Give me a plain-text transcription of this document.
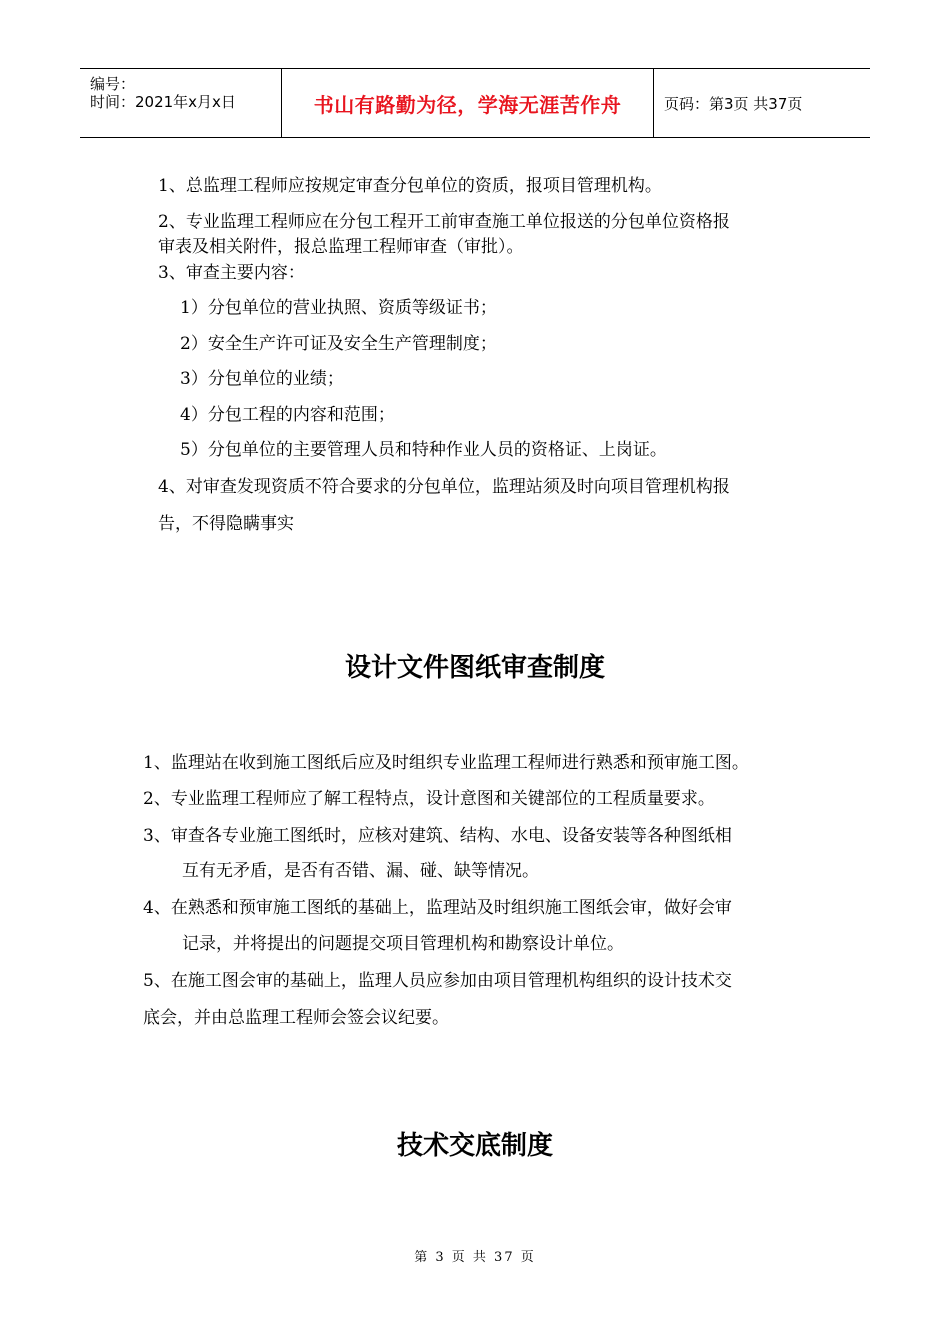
编号：
时间：2021年x月x日	书山有路勤为径，学海无涯苦作舟	页码：第3页 共37页
1、总监理工程师应按规定审查分包单位的资质，报项目管理机构。
2、专业监理工程师应在分包工程开工前审查施工单位报送的分包单位资格报
审表及相关附件，报总监理工程师审查（审批）。
3、审查主要内容：
1）分包单位的营业执照、资质等级证书；
2）安全生产许可证及安全生产管理制度；
3）分包单位的业绩；
4）分包工程的内容和范围；
5）分包单位的主要管理人员和特种作业人员的资格证、上岗证。
4、对审查发现资质不符合要求的分包单位，监理站须及时向项目管理机构报
告，不得隐瞒事实
设计文件图纸审查制度
1、监理站在收到施工图纸后应及时组织专业监理工程师进行熟悉和预审施工图。
2、专业监理工程师应了解工程特点，设计意图和关键部位的工程质量要求。
3、审查各专业施工图纸时，应核对建筑、结构、水电、设备安装等各种图纸相
互有无矛盾，是否有否错、漏、碰、缺等情况。
4、在熟悉和预审施工图纸的基础上，监理站及时组织施工图纸会审，做好会审
记录，并将提出的问题提交项目管理机构和勘察设计单位。
5、在施工图会审的基础上，监理人员应参加由项目管理机构组织的设计技术交
底会，并由总监理工程师会签会议纪要。
技术交底制度
第 3 页 共 37 页
